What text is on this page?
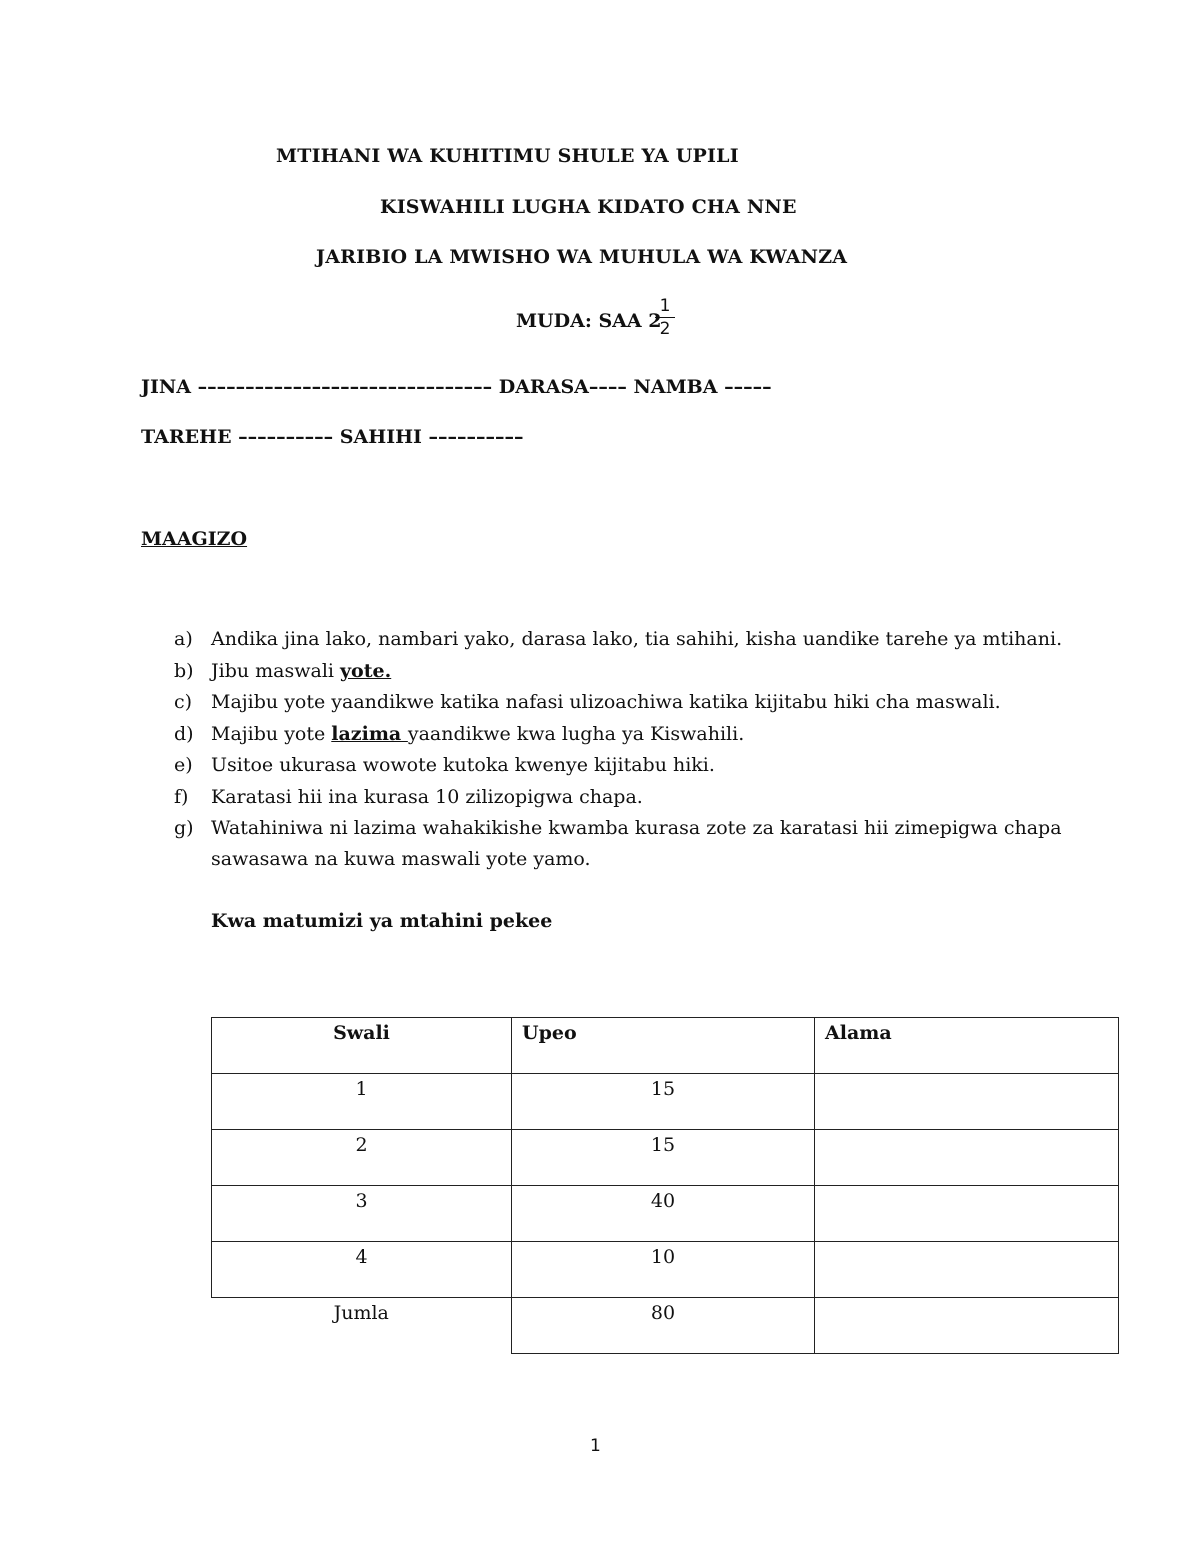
MTIHANI WA KUHITIMU SHULE YA UPILI
KISWAHILI LUGHA KIDATO CHA NNE
JARIBIO LA MWISHO WA MUHULA WA KWANZA
MUDA: SAA 2
1
2
JINA ––––––––––––––––––––––––––––––– DARASA–––– NAMBA –––––
TAREHE –––––––––– SAHIHI ––––––––––
MAAGIZO
a) Andika jina lako, nambari yako, darasa lako, tia sahihi, kisha uandike tarehe ya mtihani.
b) Jibu maswali yote.
c) Majibu yote yaandikwe katika nafasi ulizoachiwa katika kijitabu hiki cha maswali.
d) Majibu yote lazima yaandikwe kwa lugha ya Kiswahili.
e) Usitoe ukurasa wowote kutoka kwenye kijitabu hiki.
f)	Karatasi hii ina kurasa 10 zilizopigwa chapa.
g) Watahiniwa ni lazima wahakikishe kwamba kurasa zote za karatasi hii zimepigwa chapa
sawasawa na kuwa maswali yote yamo.
Kwa matumizi ya mtahini pekee
Swali	Upeo	Alama
1	15	
2	15	
3	40	
4	10	
Jumla	80	
1
